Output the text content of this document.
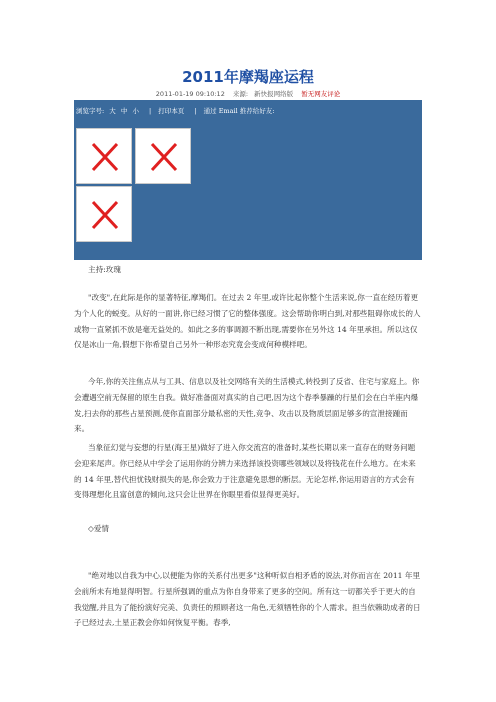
2011年摩羯座运程
2011-01-19 09:10:12 来源: 新快报网络版 暂无网友评论
浏览字号: 大 中 小 | 打印本页 | 通过 Email 推荐给好友:

主持:玫瑰

"改变",在此际是你的显著特征,摩羯们。在过去 2 年里,或许比起你整个生活来说,你一直在经历着更为个人化的蜕变。从好的一面讲,你已经习惯了它的整体强度。这会帮助你明白到,对那些阻碍你成长的人或物一直紧抓不放是毫无益处的。如此之多的事调源不断出现,需要你在另外这 14 年里承担。所以这仅仅是冰山一角,假想下你希望自己另外一种形态究竟会变成何种模样吧。

今年,你的关注焦点从与工具、信息以及社交网络有关的生活模式,转投到了反省、住宅与家庭上。你会遭遇空前无保留的原生自我。做好准备面对真实的自己吧,因为这个春季暴躁的行星们会在白羊座内爆发,扫去你的那些占星预测,使你直面部分最私密的天性,竞争、攻击以及物质层面足够多的宣泄接踵而来。

当象征幻觉与妄想的行星(海王星)做好了进入你交流宫的准备时,某些长期以来一直存在的财务问题会迎来尾声。你已经从中学会了运用你的分辨力来选择该投资哪些领域以及将钱花在什么地方。在未来的 14 年里,替代担忧钱财损失的是,你会致力于注意避免思想的断层。无论怎样,你运用语言的方式会有变得理想化且富创意的倾向,这只会让世界在你眼里看似显得更美好。

◇爱情

"绝对地以自我为中心,以便能为你的关系付出更多"这种听似自相矛盾的说法,对你而言在 2011 年里会前所未有地显得明智。行星所强调的重点为你自身带来了更多的空间。所有这一切都关乎于更大的自我觉醒,并且为了能扮演好完美、负责任的照顾者这一角色,无须牺牲你的个人需求。担当依赖助成者的日子已经过去,土星正教会你如何恢复平衡。春季,
